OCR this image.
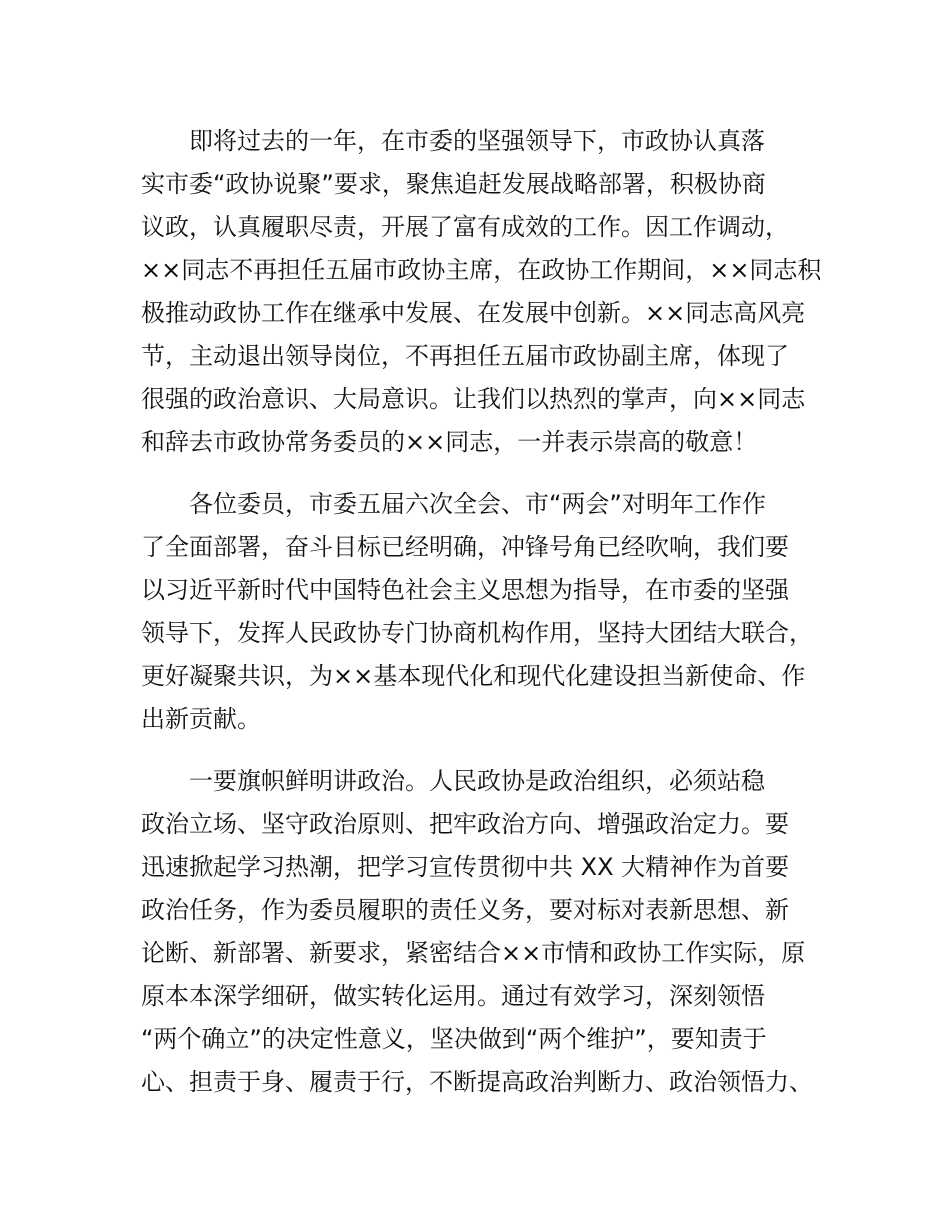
即将过去的一年，在市委的坚强领导下，市政协认真落

实市委“政协说聚”要求，聚焦追赶发展战略部署，积极协商

议政，认真履职尽责，开展了富有成效的工作。因工作调动，

××同志不再担任五届市政协主席，在政协工作期间，××同志积

极推动政协工作在继承中发展、在发展中创新。××同志高风亮

节，主动退出领导岗位，不再担任五届市政协副主席，体现了

很强的政治意识、大局意识。让我们以热烈的掌声，向××同志

和辞去市政协常务委员的××同志，一并表示崇高的敬意！

各位委员，市委五届六次全会、市“两会”对明年工作作

了全面部署，奋斗目标已经明确，冲锋号角已经吹响，我们要

以习近平新时代中国特色社会主义思想为指导，在市委的坚强

领导下，发挥人民政协专门协商机构作用，坚持大团结大联合，

更好凝聚共识，为××基本现代化和现代化建设担当新使命、作

出新贡献。

一要旗帜鲜明讲政治。人民政协是政治组织，必须站稳

政治立场、坚守政治原则、把牢政治方向、增强政治定力。要

迅速掀起学习热潮，把学习宣传贯彻中共 XX 大精神作为首要

政治任务，作为委员履职的责任义务，要对标对表新思想、新

论断、新部署、新要求，紧密结合××市情和政协工作实际，原

原本本深学细研，做实转化运用。通过有效学习，深刻领悟

“两个确立”的决定性意义，坚决做到“两个维护”，要知责于

心、担责于身、履责于行，不断提高政治判断力、政治领悟力、
